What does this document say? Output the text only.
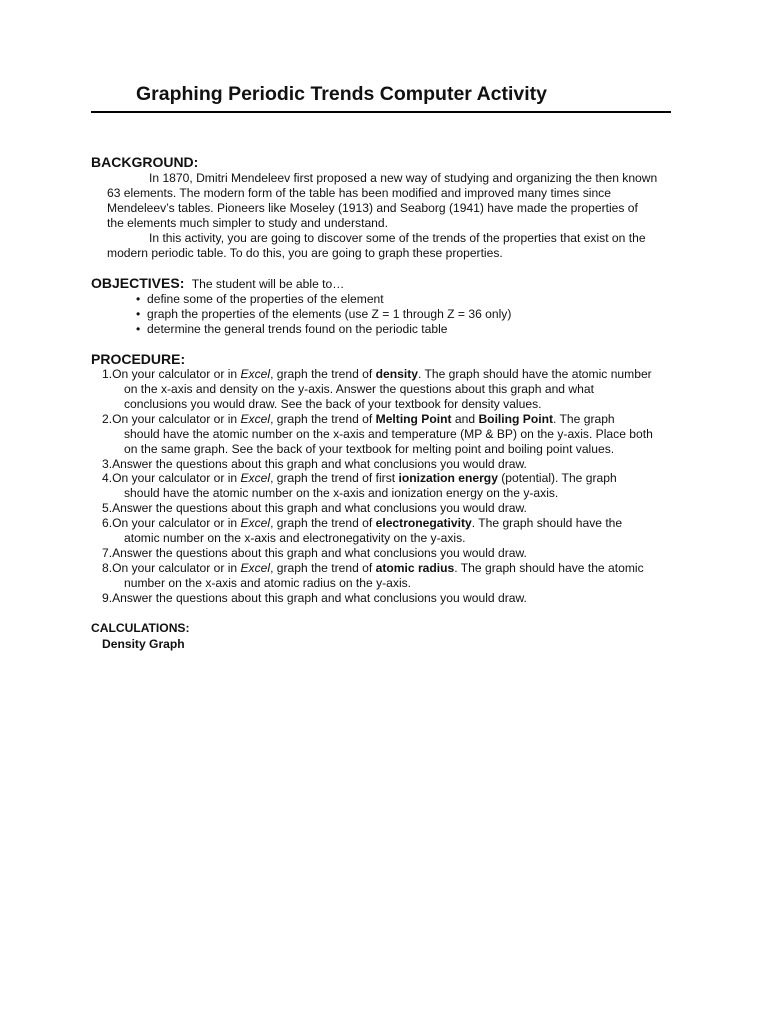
Graphing Periodic Trends Computer Activity
BACKGROUND:
In 1870, Dmitri Mendeleev first proposed a new way of studying and organizing the then known
63 elements. The modern form of the table has been modified and improved many times since
Mendeleev’s tables. Pioneers like Moseley (1913) and Seaborg (1941) have made the properties of
the elements much simpler to study and understand.
In this activity, you are going to discover some of the trends of the properties that exist on the
modern periodic table. To do this, you are going to graph these properties.
OBJECTIVES: The student will be able to…
• define some of the properties of the element
• graph the properties of the elements (use Z = 1 through Z = 36 only)
• determine the general trends found on the periodic table
PROCEDURE:
1.On your calculator or in Excel, graph the trend of density. The graph should have the atomic number
on the x-axis and density on the y-axis. Answer the questions about this graph and what
conclusions you would draw. See the back of your textbook for density values.
2.On your calculator or in Excel, graph the trend of Melting Point and Boiling Point. The graph
should have the atomic number on the x-axis and temperature (MP & BP) on the y-axis. Place both
on the same graph. See the back of your textbook for melting point and boiling point values.
3.Answer the questions about this graph and what conclusions you would draw.
4.On your calculator or in Excel, graph the trend of first ionization energy (potential). The graph
should have the atomic number on the x-axis and ionization energy on the y-axis.
5.Answer the questions about this graph and what conclusions you would draw.
6.On your calculator or in Excel, graph the trend of electronegativity. The graph should have the
atomic number on the x-axis and electronegativity on the y-axis.
7.Answer the questions about this graph and what conclusions you would draw.
8.On your calculator or in Excel, graph the trend of atomic radius. The graph should have the atomic
number on the x-axis and atomic radius on the y-axis.
9.Answer the questions about this graph and what conclusions you would draw.
CALCULATIONS:
Density Graph
